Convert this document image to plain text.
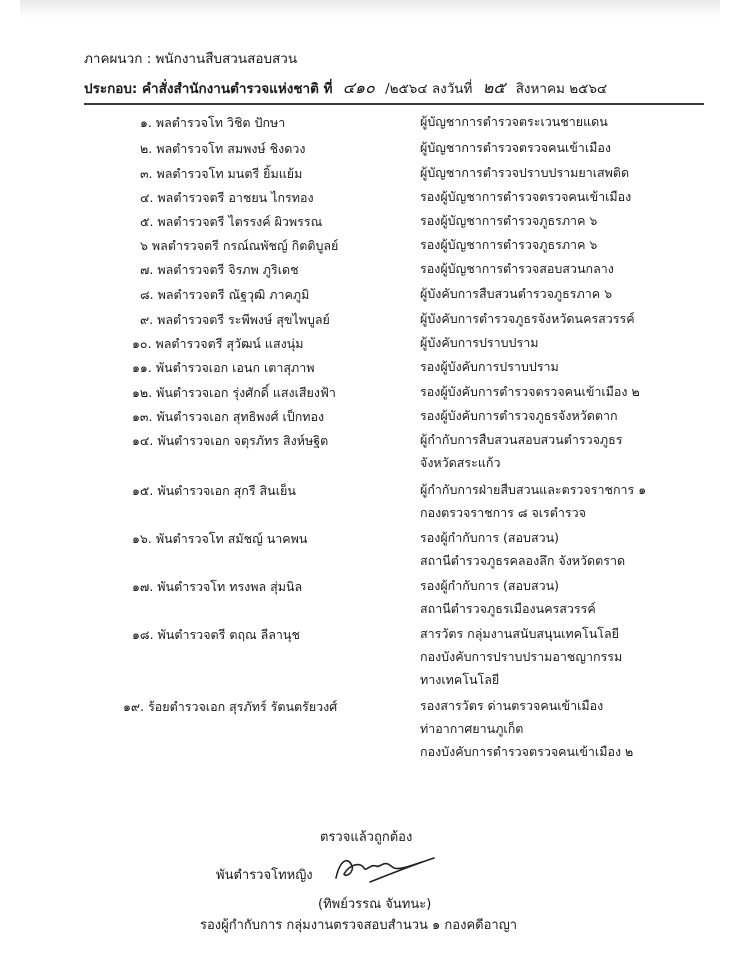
ภาคผนวก : พนักงานสืบสวนสอบสวน
ประกอบ: คำสั่งสำนักงานตำรวจแห่งชาติ ที่ ๔๑๐ /๒๕๖๔ ลงวันที่ ๒๕ สิงหาคม ๒๕๖๔
๑. พลตำรวจโท วิชิต ปักษา	ผู้บัญชาการตำรวจตระเวนชายแดน
๒. พลตำรวจโท สมพงษ์ ชิงดวง	ผู้บัญชาการตำรวจตรวจคนเข้าเมือง
๓. พลตำรวจโท มนตรี ยิ้มแย้ม	ผู้บัญชาการตำรวจปราบปรามยาเสพติด
๔. พลตำรวจตรี อาชยน ไกรทอง	รองผู้บัญชาการตำรวจตรวจคนเข้าเมือง
๕. พลตำรวจตรี ไตรรงค์ ผิวพรรณ	รองผู้บัญชาการตำรวจภูธรภาค ๖
๖ พลตำรวจตรี กรณ์ณพัชญ์ กิตติบูลย์	รองผู้บัญชาการตำรวจภูธรภาค ๖
๗. พลตำรวจตรี จิรภพ ภูริเดช	รองผู้บัญชาการตำรวจสอบสวนกลาง
๘. พลตำรวจตรี ณัฐวุฒิ ภาคภูมิ	ผู้บังคับการสืบสวนตำรวจภูธรภาค ๖
๙. พลตำรวจตรี ระพีพงษ์ สุขไพบูลย์	ผู้บังคับการตำรวจภูธรจังหวัดนครสวรรค์
๑๐. พลตำรวจตรี สุวัฒน์ แสงนุ่ม	ผู้บังคับการปราบปราม
๑๑. พันตำรวจเอก เอนก เตาสุภาพ	รองผู้บังคับการปราบปราม
๑๒. พันตำรวจเอก รุ่งศักดิ์ แสงเสียงฟ้า	รองผู้บังคับการตำรวจตรวจคนเข้าเมือง ๒
๑๓. พันตำรวจเอก สุทธิพงศ์ เป็กทอง	รองผู้บังคับการตำรวจภูธรจังหวัดตาก
๑๔. พันตำรวจเอก จตุรภัทร สิงห์ษฐิต	ผู้กำกับการสืบสวนสอบสวนตำรวจภูธร
จังหวัดสระแก้ว
๑๕. พันตำรวจเอก สุกรี สินเย็น	ผู้กำกับการฝ่ายสืบสวนและตรวจราชการ ๑
กองตรวจราชการ ๘ จเรตำรวจ
๑๖. พันตำรวจโท สมัชญ์ นาคพน	รองผู้กำกับการ (สอบสวน)
สถานีตำรวจภูธรคลองลึก จังหวัดตราด
๑๗. พันตำรวจโท ทรงพล สุ่มนิล	รองผู้กำกับการ (สอบสวน)
สถานีตำรวจภูธรเมืองนครสวรรค์
๑๘. พันตำรวจตรี ตฤณ ลีลานุช	สารวัตร กลุ่มงานสนับสนุนเทคโนโลยี
กองบังคับการปราบปรามอาชญากรรม
ทางเทคโนโลยี
๑๙. ร้อยตำรวจเอก สุรภัทร์ รัตนตรัยวงศ์	รองสารวัตร ด่านตรวจคนเข้าเมือง
ท่าอากาศยานภูเก็ต
กองบังคับการตำรวจตรวจคนเข้าเมือง ๒
ตรวจแล้วถูกต้อง
พันตำรวจโทหญิง
(ทิพย์วรรณ จันทนะ)
รองผู้กำกับการ กลุ่มงานตรวจสอบสำนวน ๑ กองคดีอาญา
